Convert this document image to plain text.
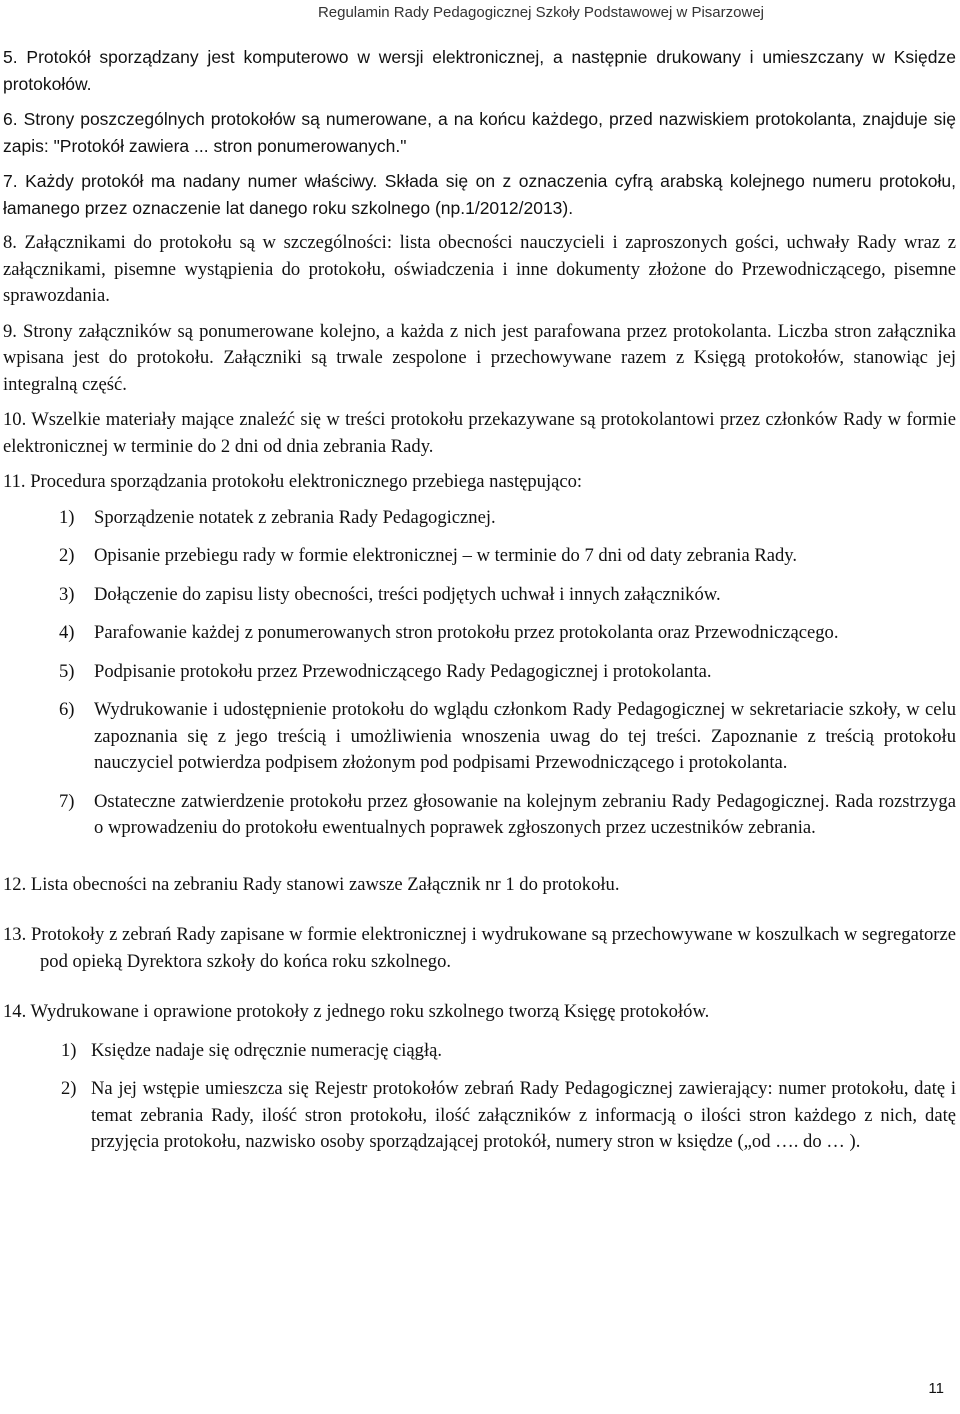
Regulamin Rady Pedagogicznej Szkoły Podstawowej w Pisarzowej

5. Protokół sporządzany jest komputerowo w wersji elektronicznej, a następnie drukowany i umieszczany w Księdze protokołów.

6. Strony poszczególnych protokołów są numerowane, a na końcu każdego, przed nazwiskiem protokolanta, znajduje się zapis: "Protokół zawiera ... stron ponumerowanych."

7. Każdy protokół ma nadany numer właściwy. Składa się on z oznaczenia cyfrą arabską kolejnego numeru protokołu, łamanego przez oznaczenie lat danego roku szkolnego (np.1/2012/2013).

8. Załącznikami do protokołu są w szczególności: lista obecności nauczycieli i zaproszonych gości, uchwały Rady wraz z załącznikami, pisemne wystąpienia do protokołu, oświadczenia i inne dokumenty złożone do Przewodniczącego, pisemne sprawozdania.

9. Strony załączników są ponumerowane kolejno, a każda z nich jest parafowana przez protokolanta. Liczba stron załącznika wpisana jest do protokołu. Załączniki są trwale zespolone i przechowywane razem z Księgą protokołów, stanowiąc jej integralną część.

10. Wszelkie materiały mające znaleźć się w treści protokołu przekazywane są protokolantowi przez członków Rady w formie elektronicznej w terminie do 2 dni od dnia zebrania Rady.

11. Procedura sporządzania protokołu elektronicznego przebiega następująco:

1) Sporządzenie notatek z zebrania Rady Pedagogicznej.
2) Opisanie przebiegu rady w formie elektronicznej – w terminie do 7 dni od daty zebrania Rady.
3) Dołączenie do zapisu listy obecności, treści podjętych uchwał i innych załączników.
4) Parafowanie każdej z ponumerowanych stron protokołu przez protokolanta oraz Przewodniczącego.
5) Podpisanie protokołu przez Przewodniczącego Rady Pedagogicznej i protokolanta.
6) Wydrukowanie i udostępnienie protokołu do wglądu członkom Rady Pedagogicznej w sekretariacie szkoły, w celu zapoznania się z jego treścią i umożliwienia wnoszenia uwag do tej treści. Zapoznanie z treścią protokołu nauczyciel potwierdza podpisem złożonym pod podpisami Przewodniczącego i protokolanta.
7) Ostateczne zatwierdzenie protokołu przez głosowanie na kolejnym zebraniu Rady Pedagogicznej. Rada rozstrzyga o wprowadzeniu do protokołu ewentualnych poprawek zgłoszonych przez uczestników zebrania.

12. Lista obecności na zebraniu Rady stanowi zawsze Załącznik nr 1 do protokołu.

13. Protokoły z zebrań Rady zapisane w formie elektronicznej i wydrukowane są przechowywane w koszulkach w segregatorze pod opieką Dyrektora szkoły do końca roku szkolnego.

14. Wydrukowane i oprawione protokoły z jednego roku szkolnego tworzą Księgę protokołów.

1) Księdze nadaje się odręcznie numerację ciągłą.
2) Na jej wstępie umieszcza się Rejestr protokołów zebrań Rady Pedagogicznej zawierający: numer protokołu, datę i temat zebrania Rady, ilość stron protokołu, ilość załączników z informacją o ilości stron każdego z nich, datę przyjęcia protokołu, nazwisko osoby sporządzającej protokół, numery stron w księdze („od …. do … ).
11
